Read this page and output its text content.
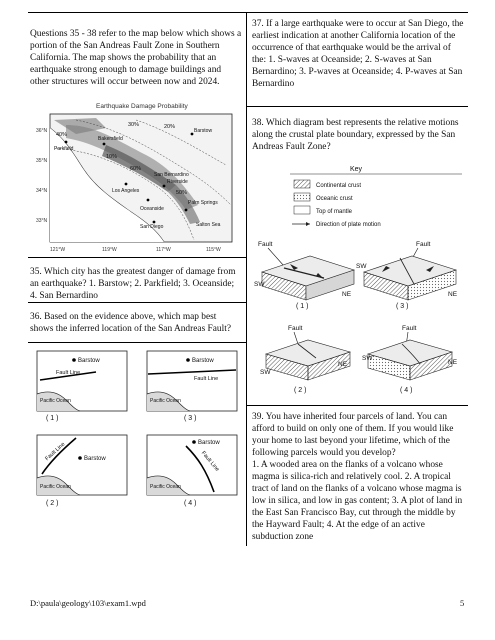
Questions 35 - 38 refer to the map below which shows a portion of the San Andreas Fault Zone in Southern California. The map shows the probability that an earthquake strong enough to damage buildings and other structures will occur between now and 2024.
Earthquake Damage Probability
Barstow
Parkfield
Bakersfield
Riverside
San Diego
Oceanside
Los Angeles
San Bernardino
Palm Springs
Salton Sea
30%
40%
20%
10%
60%
50%
36°N
35°N
34°N
33°N
121°W	119°W	117°W	115°W
35. Which city has the greatest danger of damage from an earthquake? 1. Barstow; 2. Parkfield; 3. Oceanside; 4. San Bernardino
36. Based on the evidence above, which map best shows the inferred location of the San Andreas Fault?
Barstow
Fault Line
Pacific Ocean
( 1 )
Barstow
Fault Line
Pacific Ocean
( 3 )
Barstow
Fault Line
Pacific Ocean
( 2 )
Barstow
Fault Line
Pacific Ocean
( 4 )
37. If a large earthquake were to occur at San Diego, the earliest indication at another California location of the occurrence of that earthquake would be the arrival of the: 1. S-waves at Oceanside; 2. S-waves at San Bernardino; 3. P-waves at Oceanside; 4. P-waves at San Bernardino
38. Which diagram best represents the relative motions along the crustal plate boundary, expressed by the San Andreas Fault Zone?
Key
Continental crust
Oceanic crust
Top of mantle
Direction of plate motion
Fault
SW
NE
( 1 )
Fault
SW
NE
( 3 )
Fault
SW
NE
( 2 )
Fault
SW
NE
( 4 )
39. You have inherited four parcels of land. You can afford to build on only one of them. If you would like your home to last beyond your lifetime, which of the following parcels would you develop?
1. A wooded area on the flanks of a volcano whose magma is silica-rich and relatively cool. 2. A tropical tract of land on the flanks of a volcano whose magma is low in silica, and low in gas content; 3. A plot of land in the East San Francisco Bay, cut through the middle by the Hayward Fault; 4. At the edge of an active subduction zone
D:\paula\geology\103\exam1.wpd	5
